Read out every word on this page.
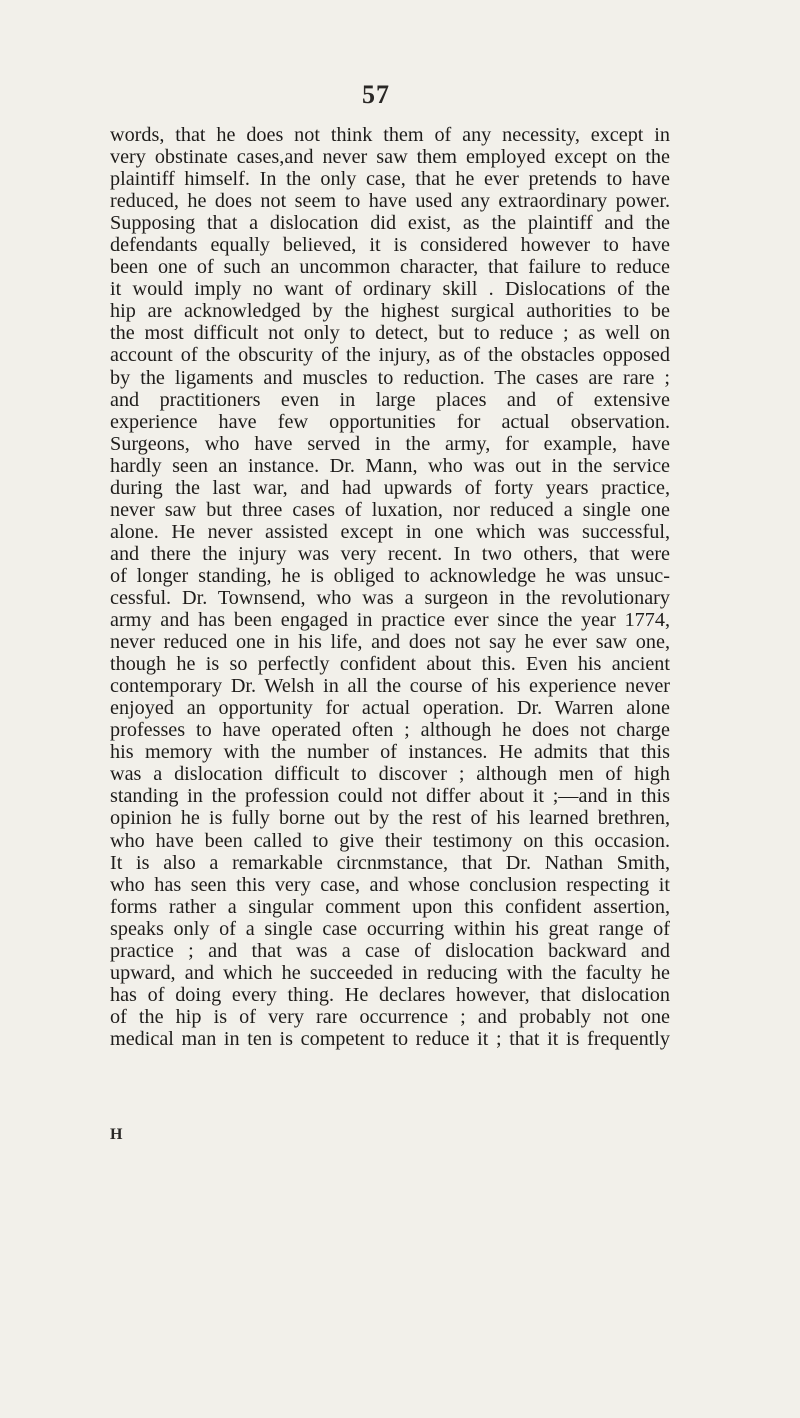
57
words, that he does not think them of any necessity, except in
very obstinate cases,and never saw them employed except on the
plaintiff himself. In the only case, that he ever pretends to have
reduced, he does not seem to have used any extraordinary power.
Supposing that a dislocation did exist, as the plaintiff and the
defendants equally believed, it is considered however to have
been one of such an uncommon character, that failure to reduce
it would imply no want of ordinary skill . Dislocations of the
hip are acknowledged by the highest surgical authorities to be
the most difficult not only to detect, but to reduce ; as well on
account of the obscurity of the injury, as of the obstacles opposed
by the ligaments and muscles to reduction. The cases are rare ;
and practitioners even in large places and of extensive
experience have few opportunities for actual observation.
Surgeons, who have served in the army, for example, have
hardly seen an instance. Dr. Mann, who was out in the service
during the last war, and had upwards of forty years practice,
never saw but three cases of luxation, nor reduced a single one
alone. He never assisted except in one which was successful,
and there the injury was very recent. In two others, that were
of longer standing, he is obliged to acknowledge he was unsuc-
cessful. Dr. Townsend, who was a surgeon in the revolutionary
army and has been engaged in practice ever since the year 1774,
never reduced one in his life, and does not say he ever saw one,
though he is so perfectly confident about this. Even his ancient
contemporary Dr. Welsh in all the course of his experience never
enjoyed an opportunity for actual operation. Dr. Warren alone
professes to have operated often ; although he does not charge
his memory with the number of instances. He admits that this
was a dislocation difficult to discover ; although men of high
standing in the profession could not differ about it ;—and in this
opinion he is fully borne out by the rest of his learned brethren,
who have been called to give their testimony on this occasion.
It is also a remarkable circnmstance, that Dr. Nathan Smith,
who has seen this very case, and whose conclusion respecting it
forms rather a singular comment upon this confident assertion,
speaks only of a single case occurring within his great range of
practice ; and that was a case of dislocation backward and
upward, and which he succeeded in reducing with the faculty he
has of doing every thing. He declares however, that dislocation
of the hip is of very rare occurrence ; and probably not one
medical man in ten is competent to reduce it ; that it is frequently
H
